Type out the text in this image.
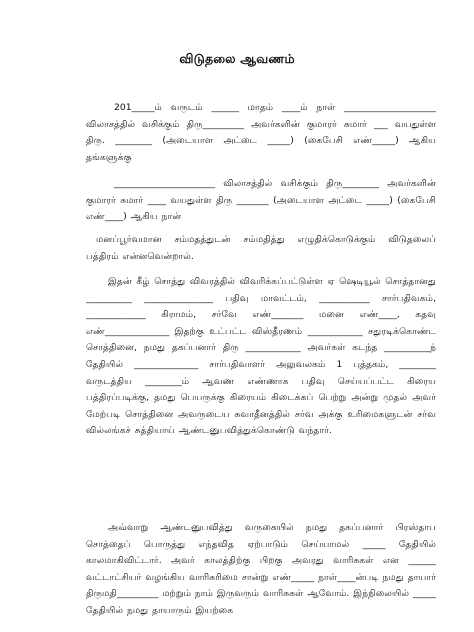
விடுதலை ஆவணம்

201_____ம் வருடம் ______ மாதம் ____ம் நாள் ____________________ விலாசத்தில் வசிக்கும் திரு_________ அவர்களின் குமாரர் சுமார் ___ வயதுள்ள திரு. ________ (அடையாள அட்டை _____) (கைபேசி எண்_____) ஆகிய தங்களுக்கு

______________________ விலாசத்தில் வசிக்கும் திரு________ அவர்களின் குமாரர் சுமார் ____ வயதுள்ள திரு _______ (அடையாள அட்டை _____) (கைபேசி எண்____) ஆகிய நான்

மனப்பூர்வமான சம்மதத்துடன் சம்மதித்து எழுதிக்கொடுக்கும் விடுதலைப் பத்திரம் என்னவென்றால்.

இதன் கீழ் சொத்து விவரத்தில் விவரிக்கப்பட்டுள்ள ஏ ஷெடியூல் சொத்தானது __________ _______________ பதிவு மாவட்டம், ___________ சார்பதிவகம், _____________ கிராமம், சர்வே எண்_______ மனை எண்____, கதவு எண்______________ இதற்கு உட்பட்ட விஸ்தீரணம் ____________ சதுரடிக்கொண்ட சொத்தினை, நமது தகப்பனார் திரு ____________ அவர்கள் கடந்த __________ந் தேதியில் ______________ சார்பதிவாளர் அலுவலகம் 1 புத்தகம், ________ வருடத்திய ________ம் ஆவண எண்ணாக பதிவு செய்யப்பட்ட கிரைய பத்திரப்படிக்கு, தமது பெயருக்கு கிரையம் கிடைக்கப் பெற்று அன்று முதல் அவர் மேற்படி சொத்தினை அவருடைய சுவாதீனத்தில் சர்வ அக்கு உரிமைகளுடன் சர்வ வில்லங்கச் சுத்தியாய் ஆண்டனுபவித்துக்கொண்டு வந்தார்.

அவ்வாறு ஆண்டனுபவித்து வருகையில் நமது தகப்பனார் பிரஸ்தாப சொத்தைப் பொருத்து எந்தவித ஏற்பாடும் செய்யாமல் _____ தேதியில் காலமாகிவிட்டார். அவர் காலத்திற்கு பிறகு அவரது வாரிசுகள் என ______ வட்டாட்சியர் வழங்கிய வாரிசுரிமை சான்று எண்_____ நாள்____ன்படி நமது தாயார் திருமதி_________ மற்றும் நாம் இருவரும் வாரிசுகள் ஆவோம். இந்நிலையில் _____ தேதியில் நமது தாயாரும் இயற்கை
